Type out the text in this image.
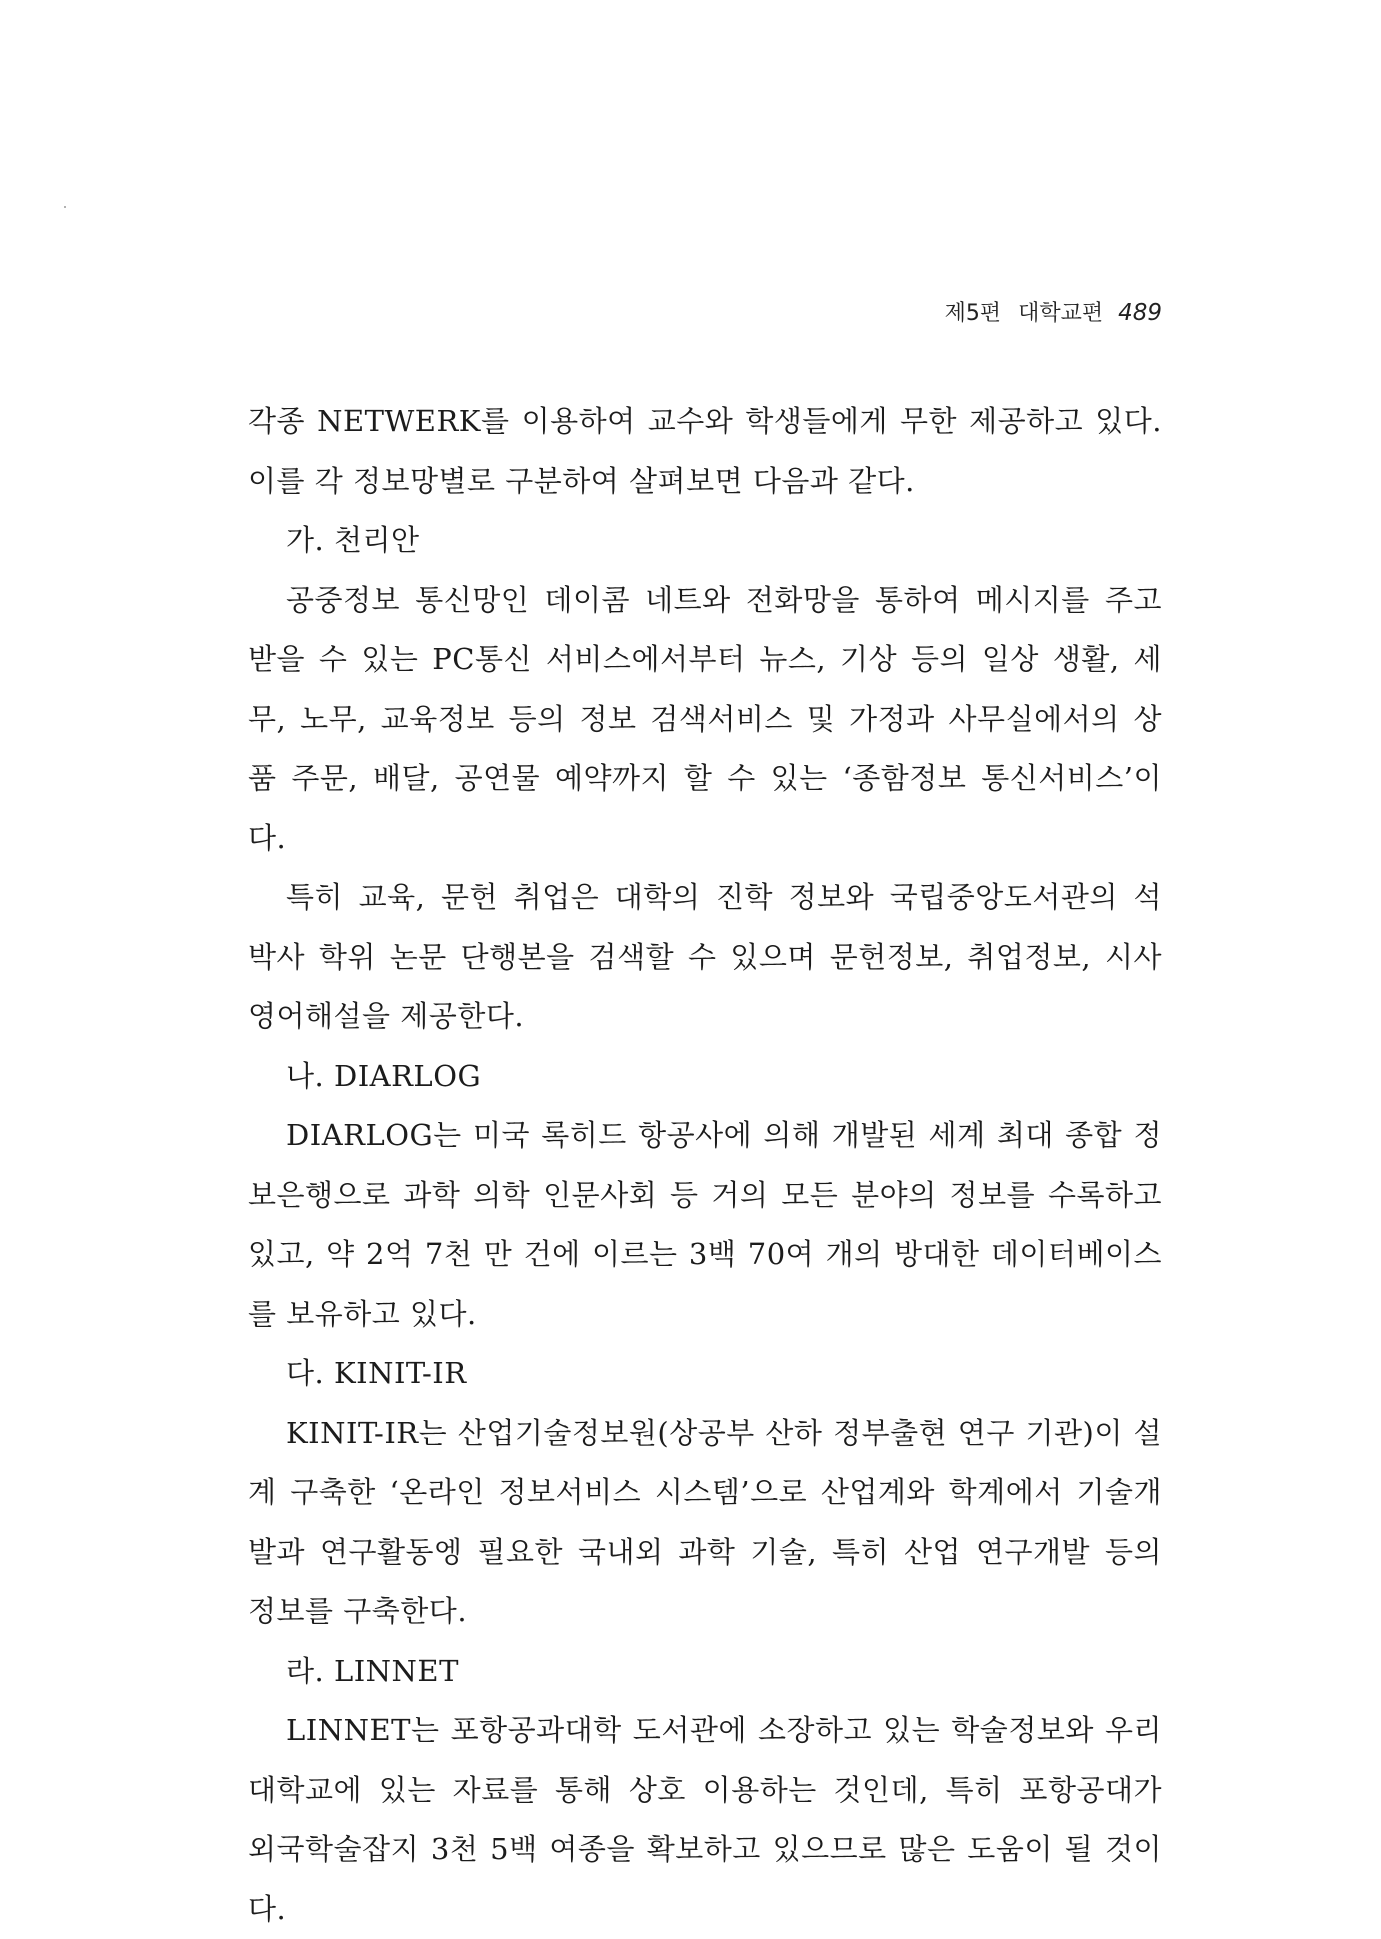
제5편 대학교편 489
각종 NETWERK를 이용하여 교수와 학생들에게 무한 제공하고 있다.
이를 각 정보망별로 구분하여 살펴보면 다음과 같다.
가. 천리안
공중정보 통신망인 데이콤 네트와 전화망을 통하여 메시지를 주고
받을 수 있는 PC통신 서비스에서부터 뉴스, 기상 등의 일상 생활, 세
무, 노무, 교육정보 등의 정보 검색서비스 및 가정과 사무실에서의 상
품 주문, 배달, 공연물 예약까지 할 수 있는 ‘종함정보 통신서비스’이
다.
특히 교육, 문헌 취업은 대학의 진학 정보와 국립중앙도서관의 석
박사 학위 논문 단행본을 검색할 수 있으며 문헌정보, 취업정보, 시사
영어해설을 제공한다.
나. DIARLOG
DIARLOG는 미국 록히드 항공사에 의해 개발된 세계 최대 종합 정
보은행으로 과학 의학 인문사회 등 거의 모든 분야의 정보를 수록하고
있고, 약 2억 7천 만 건에 이르는 3백 70여 개의 방대한 데이터베이스
를 보유하고 있다.
다. KINIT-IR
KINIT-IR는 산업기술정보원(상공부 산하 정부출현 연구 기관)이 설
계 구축한 ‘온라인 정보서비스 시스템’으로 산업계와 학계에서 기술개
발과 연구활동엥 필요한 국내외 과학 기술, 특히 산업 연구개발 등의
정보를 구축한다.
라. LINNET
LINNET는 포항공과대학 도서관에 소장하고 있는 학술정보와 우리
대학교에 있는 자료를 통해 상호 이용하는 것인데, 특히 포항공대가
외국학술잡지 3천 5백 여종을 확보하고 있으므로 많은 도움이 될 것이
다.
